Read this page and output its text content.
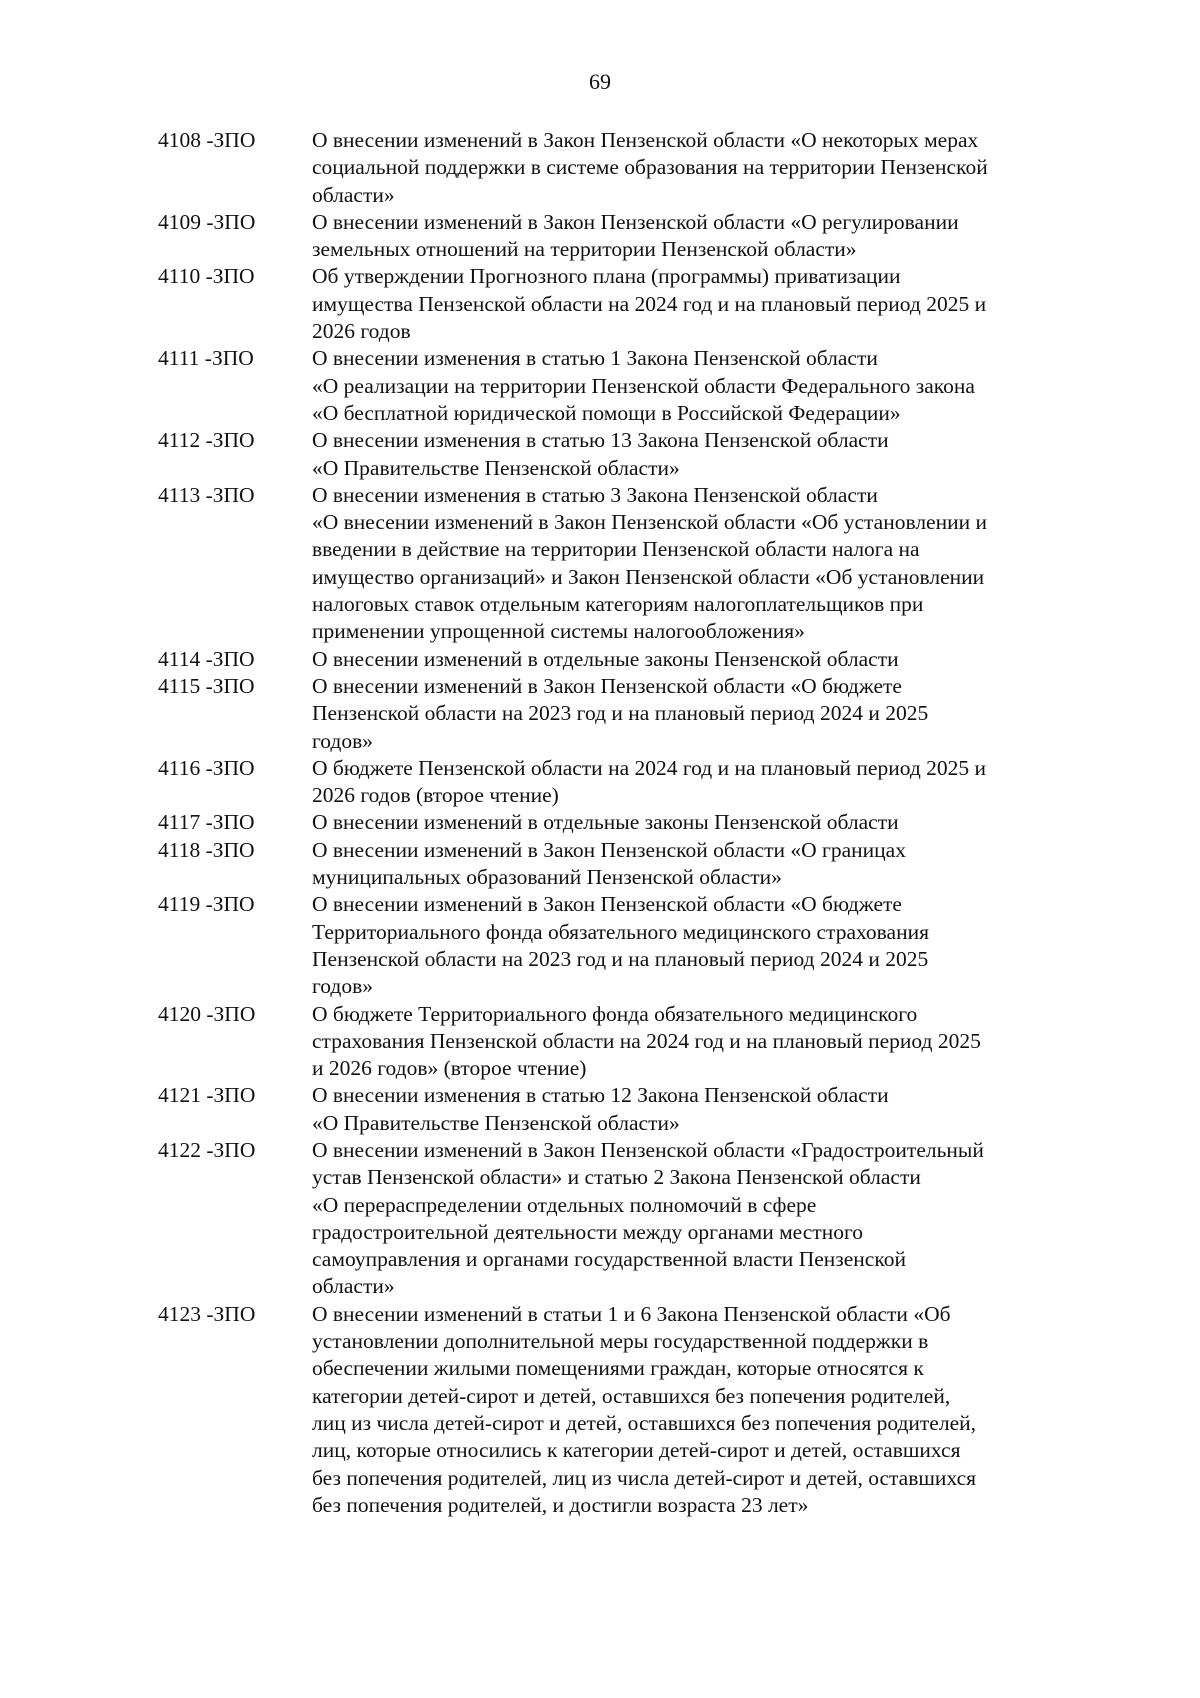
69
4108 -ЗПО	О внесении изменений в Закон Пензенской области «О некоторых мерах
социальной поддержки в системе образования на территории Пензенской
области»
4109 -ЗПО	О внесении изменений в Закон Пензенской области «О регулировании
земельных отношений на территории Пензенской области»
4110 -ЗПО	Об утверждении Прогнозного плана (программы) приватизации
имущества Пензенской области на 2024 год и на плановый период 2025 и
2026 годов
4111 -ЗПО	О внесении изменения в статью 1 Закона Пензенской области
«О реализации на территории Пензенской области Федерального закона
«О бесплатной юридической помощи в Российской Федерации»
4112 -ЗПО	О внесении изменения в статью 13 Закона Пензенской области
«О Правительстве Пензенской области»
4113 -ЗПО	О внесении изменения в статью 3 Закона Пензенской области
«О внесении изменений в Закон Пензенской области «Об установлении и
введении в действие на территории Пензенской области налога на
имущество организаций» и Закон Пензенской области «Об установлении
налоговых ставок отдельным категориям налогоплательщиков при
применении упрощенной системы налогообложения»
4114 -ЗПО	О внесении изменений в отдельные законы Пензенской области
4115 -ЗПО	О внесении изменений в Закон Пензенской области «О бюджете
Пензенской области на 2023 год и на плановый период 2024 и 2025
годов»
4116 -ЗПО	О бюджете Пензенской области на 2024 год и на плановый период 2025 и
2026 годов (второе чтение)
4117 -ЗПО	О внесении изменений в отдельные законы Пензенской области
4118 -ЗПО	О внесении изменений в Закон Пензенской области «О границах
муниципальных образований Пензенской области»
4119 -ЗПО	О внесении изменений в Закон Пензенской области «О бюджете
Территориального фонда обязательного медицинского страхования
Пензенской области на 2023 год и на плановый период 2024 и 2025
годов»
4120 -ЗПО	О бюджете Территориального фонда обязательного медицинского
страхования Пензенской области на 2024 год и на плановый период 2025
и 2026 годов» (второе чтение)
4121 -ЗПО	О внесении изменения в статью 12 Закона Пензенской области
«О Правительстве Пензенской области»
4122 -ЗПО	О внесении изменений в Закон Пензенской области «Градостроительный
устав Пензенской области» и статью 2 Закона Пензенской области
«О перераспределении отдельных полномочий в сфере
градостроительной деятельности между органами местного
самоуправления и органами государственной власти Пензенской
области»
4123 -ЗПО	О внесении изменений в статьи 1 и 6 Закона Пензенской области «Об
установлении дополнительной меры государственной поддержки в
обеспечении жилыми помещениями граждан, которые относятся к
категории детей-сирот и детей, оставшихся без попечения родителей,
лиц из числа детей-сирот и детей, оставшихся без попечения родителей,
лиц, которые относились к категории детей-сирот и детей, оставшихся
без попечения родителей, лиц из числа детей-сирот и детей, оставшихся
без попечения родителей, и достигли возраста 23 лет»
